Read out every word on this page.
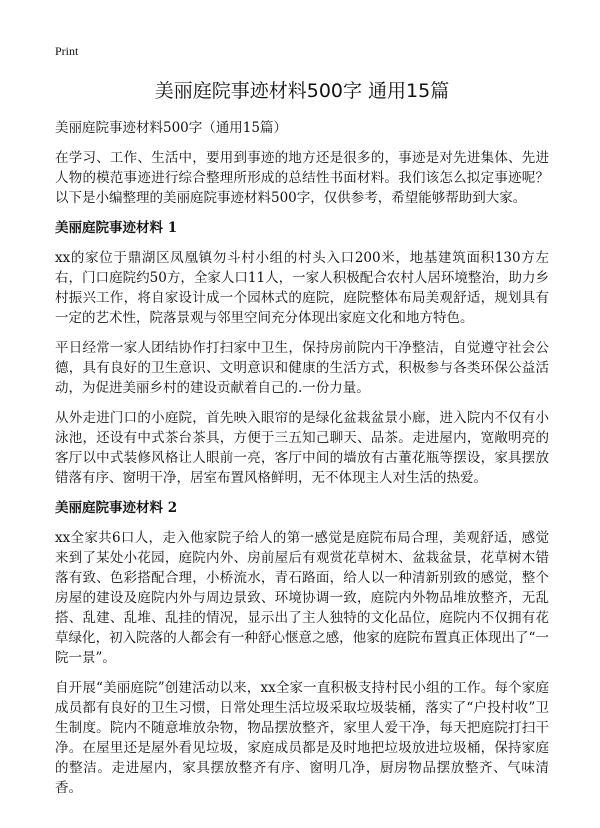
Print
美丽庭院事迹材料500字 通用15篇
美丽庭院事迹材料500字（通用15篇）

在学习、工作、生活中，要用到事迹的地方还是很多的，事迹是对先进集体、先进人物的模范事迹进行综合整理所形成的总结性书面材料。我们该怎么拟定事迹呢？以下是小编整理的美丽庭院事迹材料500字，仅供参考，希望能够帮助到大家。

美丽庭院事迹材料 1

xx的家位于鼎湖区凤凰镇勿斗村小组的村头入口200米，地基建筑面积130方左右，门口庭院约50方，全家人口11人，一家人积极配合农村人居环境整治，助力乡村振兴工作，将自家设计成一个园林式的庭院，庭院整体布局美观舒适，规划具有一定的艺术性，院落景观与邻里空间充分体现出家庭文化和地方特色。

平日经常一家人团结协作打扫家中卫生，保持房前院内干净整洁，自觉遵守社会公德，具有良好的卫生意识、文明意识和健康的生活方式，积极参与各类环保公益活动，为促进美丽乡村的建设贡献着自己的.一份力量。

从外走进门口的小庭院，首先映入眼帘的是绿化盆栽盆景小廊，进入院内不仅有小泳池，还设有中式茶台茶具，方便于三五知己聊天、品茶。走进屋内，宽敞明亮的客厅以中式装修风格让人眼前一亮，客厅中间的墙放有古董花瓶等摆设，家具摆放错落有序、窗明干净，居室布置风格鲜明，无不体现主人对生活的热爱。

美丽庭院事迹材料 2

xx全家共6口人，走入他家院子给人的第一感觉是庭院布局合理，美观舒适，感觉来到了某处小花园，庭院内外、房前屋后有观赏花草树木、盆栽盆景，花草树木错落有致、色彩搭配合理，小桥流水，青石路面，给人以一种清新别致的感觉，整个房屋的建设及庭院内外与周边景致、环境协调一致，庭院内外物品堆放整齐，无乱搭、乱建、乱堆、乱挂的情况，显示出了主人独特的文化品位，庭院内不仅拥有花草绿化，初入院落的人都会有一种舒心惬意之感，他家的庭院布置真正体现出了“一院一景”。

自开展“美丽庭院”创建活动以来，xx全家一直积极支持村民小组的工作。每个家庭成员都有良好的卫生习惯，日常处理生活垃圾采取垃圾装桶，落实了“户投村收”卫生制度。院内不随意堆放杂物，物品摆放整齐，家里人爱干净，每天把庭院打扫干净。在屋里还是屋外看见垃圾，家庭成员都是及时地把垃圾放进垃圾桶，保持家庭的整洁。走进屋内，家具摆放整齐有序、窗明几净，厨房物品摆放整齐、气味清香。
